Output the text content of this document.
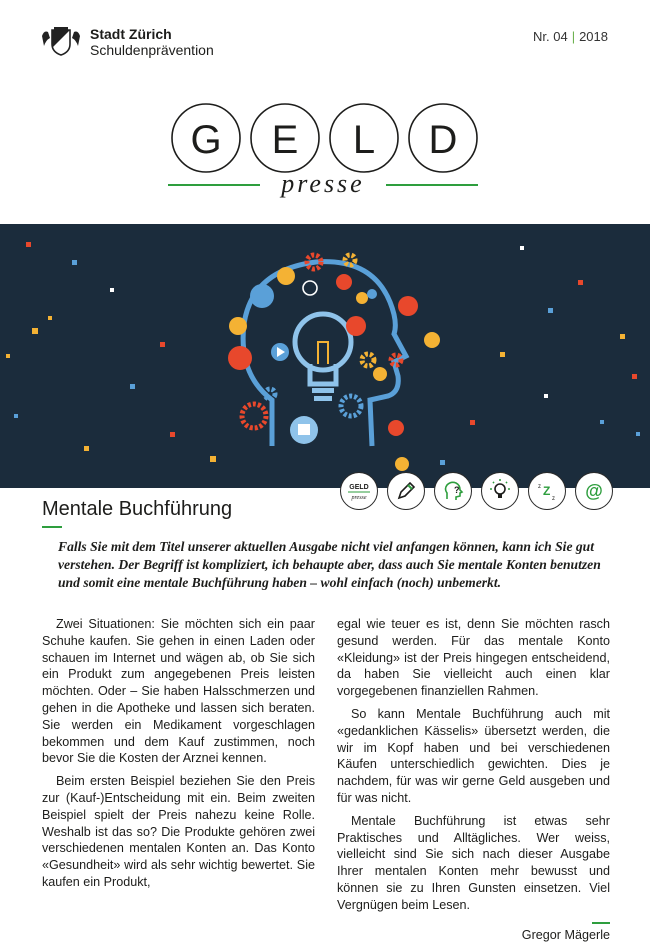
Stadt Zürich
Schuldenprävention
Nr. 04 | 2018
G E L D
presse
GELD
presse
?	Z
z
z @
Mentale Buchführung

Falls Sie mit dem Titel unserer aktuellen Ausgabe nicht viel anfangen können, kann ich Sie gut verstehen. Der Begriff ist kompliziert, ich behaupte aber, dass auch Sie mentale Konten benutzen und somit eine mentale Buchführung haben – wohl einfach (noch) unbemerkt.

Zwei Situationen: Sie möchten sich ein paar Schuhe kaufen. Sie gehen in einen Laden oder schauen im Internet und wägen ab, ob Sie sich ein Produkt zum angegebenen Preis leisten möchten. Oder – Sie haben Halsschmerzen und gehen in die Apotheke und lassen sich beraten. Sie werden ein Medikament vorgeschlagen bekommen und dem Kauf zustimmen, noch bevor Sie die Kosten der Arznei kennen.

Beim ersten Beispiel beziehen Sie den Preis zur (Kauf-)Entscheidung mit ein. Beim zweiten Beispiel spielt der Preis nahezu keine Rolle. Weshalb ist das so? Die Produkte gehören zwei verschiedenen mentalen Konten an. Das Konto «Gesundheit» wird als sehr wichtig bewertet. Sie kaufen ein Produkt,

egal wie teuer es ist, denn Sie möchten rasch gesund werden. Für das mentale Konto «Kleidung» ist der Preis hingegen entscheidend, da haben Sie vielleicht auch einen klar vorgegebenen finanziellen Rahmen.

So kann Mentale Buchführung auch mit «gedanklichen Kässelis» übersetzt werden, die wir im Kopf haben und bei verschiedenen Käufen unterschiedlich gewichten. Dies je nachdem, für was wir gerne Geld ausgeben und für was nicht.

Mentale Buchführung ist etwas sehr Praktisches und Alltägliches. Wer weiss, vielleicht sind Sie sich nach dieser Ausgabe Ihrer mentalen Konten mehr bewusst und können sie zu Ihren Gunsten einsetzen. Viel Vergnügen beim Lesen.

Gregor Mägerle
